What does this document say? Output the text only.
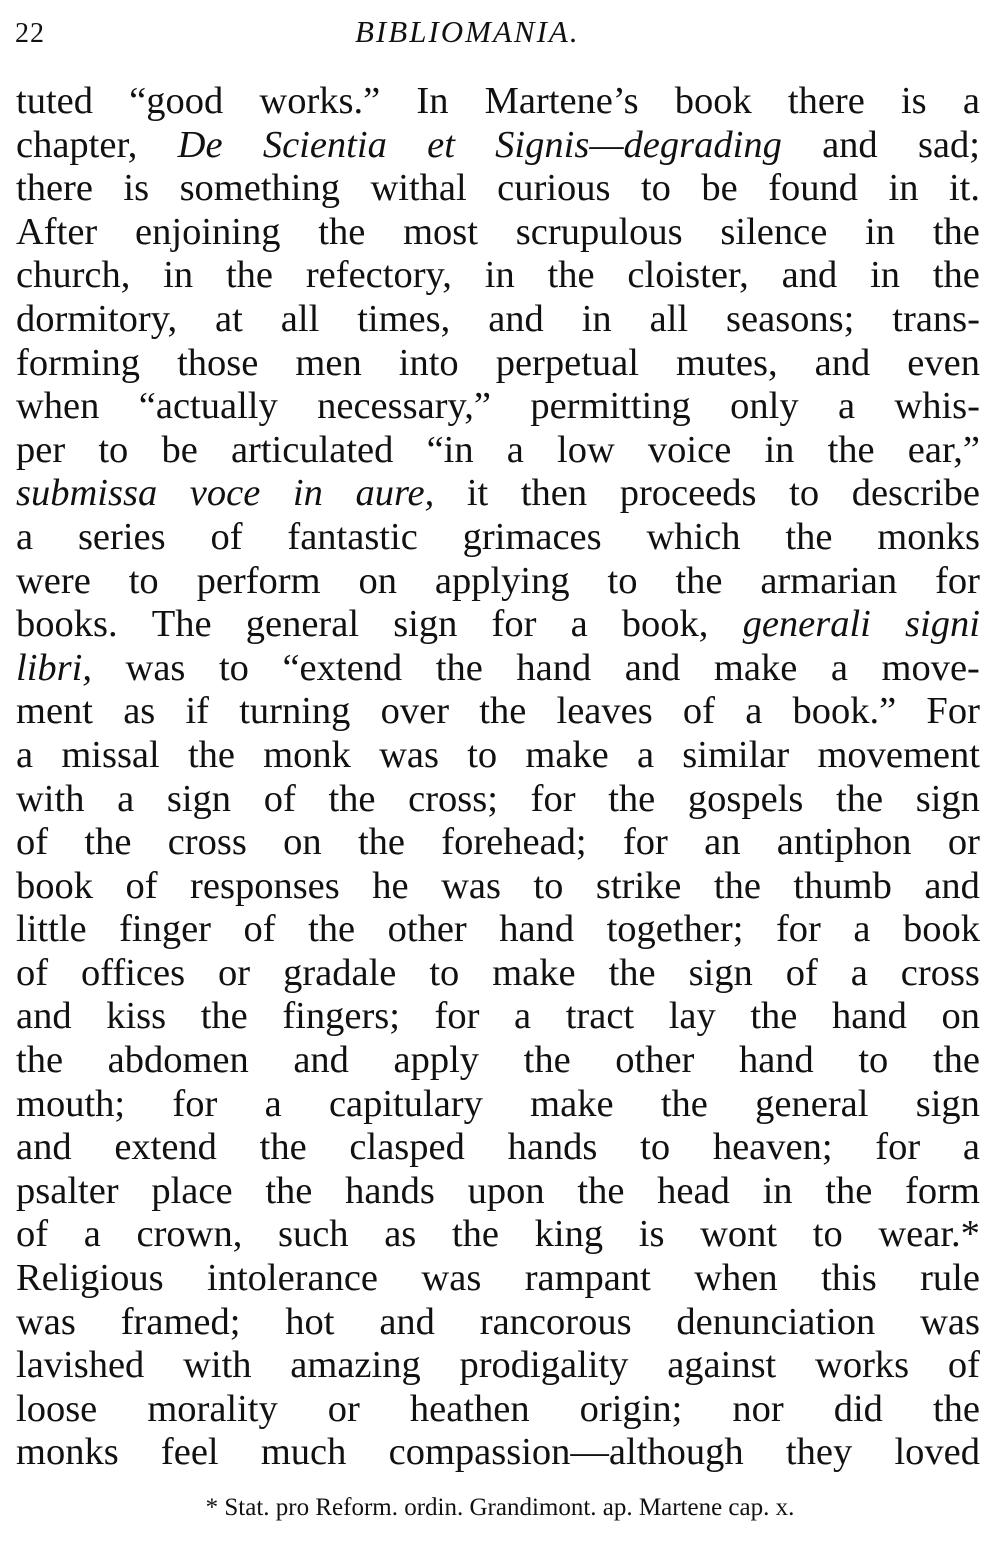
22	BIBLIOMANIA.
tuted “good works.” In Martene’s book there is a
chapter, De Scientia et Signis—degrading and sad;
there is something withal curious to be found in it.
After enjoining the most scrupulous silence in the
church, in the refectory, in the cloister, and in the
dormitory, at all times, and in all seasons; trans-
forming those men into perpetual mutes, and even
when “actually necessary,” permitting only a whis-
per to be articulated “in a low voice in the ear,”
submissa voce in aure, it then proceeds to describe
a series of fantastic grimaces which the monks
were to perform on applying to the armarian for
books. The general sign for a book, generali signi
libri, was to “extend the hand and make a move-
ment as if turning over the leaves of a book.” For
a missal the monk was to make a similar movement
with a sign of the cross; for the gospels the sign
of the cross on the forehead; for an antiphon or
book of responses he was to strike the thumb and
little finger of the other hand together; for a book
of offices or gradale to make the sign of a cross
and kiss the fingers; for a tract lay the hand on
the abdomen and apply the other hand to the
mouth; for a capitulary make the general sign
and extend the clasped hands to heaven; for a
psalter place the hands upon the head in the form
of a crown, such as the king is wont to wear.*
Religious intolerance was rampant when this rule
was framed; hot and rancorous denunciation was
lavished with amazing prodigality against works of
loose morality or heathen origin; nor did the
monks feel much compassion—although they loved
* Stat. pro Reform. ordin. Grandimont. ap. Martene cap. x.
